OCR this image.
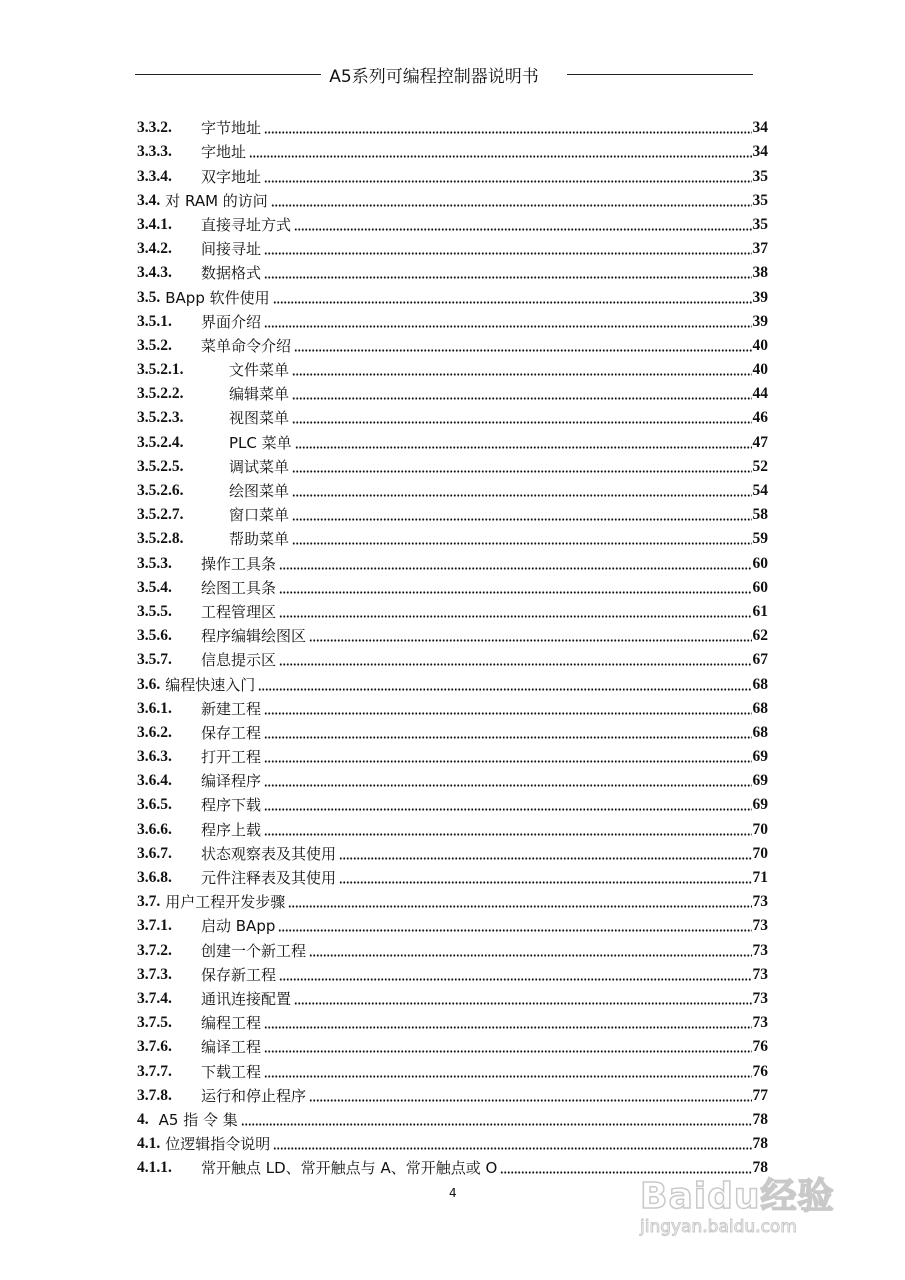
A5系列可编程控制器说明书
3.3.2.	字节地址	34
3.3.3.	字地址	34
3.3.4.	双字地址	35
3.4. 对 RAM 的访问	35
3.4.1.	直接寻址方式	35
3.4.2.	间接寻址	37
3.4.3.	数据格式	38
3.5. BApp 软件使用	39
3.5.1.	界面介绍	39
3.5.2.	菜单命令介绍	40
3.5.2.1.	文件菜单	40
3.5.2.2.	编辑菜单	44
3.5.2.3.	视图菜单	46
3.5.2.4.	PLC 菜单	47
3.5.2.5.	调试菜单	52
3.5.2.6.	绘图菜单	54
3.5.2.7.	窗口菜单	58
3.5.2.8.	帮助菜单	59
3.5.3.	操作工具条	60
3.5.4.	绘图工具条	60
3.5.5.	工程管理区	61
3.5.6.	程序编辑绘图区	62
3.5.7.	信息提示区	67
3.6. 编程快速入门	68
3.6.1.	新建工程	68
3.6.2.	保存工程	68
3.6.3.	打开工程	69
3.6.4.	编译程序	69
3.6.5.	程序下载	69
3.6.6.	程序上载	70
3.6.7.	状态观察表及其使用	70
3.6.8.	元件注释表及其使用	71
3.7. 用户工程开发步骤	73
3.7.1.	启动 BApp	73
3.7.2.	创建一个新工程	73
3.7.3.	保存新工程	73
3.7.4.	通讯连接配置	73
3.7.5.	编程工程	73
3.7.6.	编译工程	76
3.7.7.	下载工程	76
3.7.8.	运行和停止程序	77
4. A5 指 令 集	78
4.1. 位逻辑指令说明	78
4.1.1.	常开触点 LD、常开触点与 A、常开触点或 O	78
4	Baidu经验
jingyan.baidu.com
